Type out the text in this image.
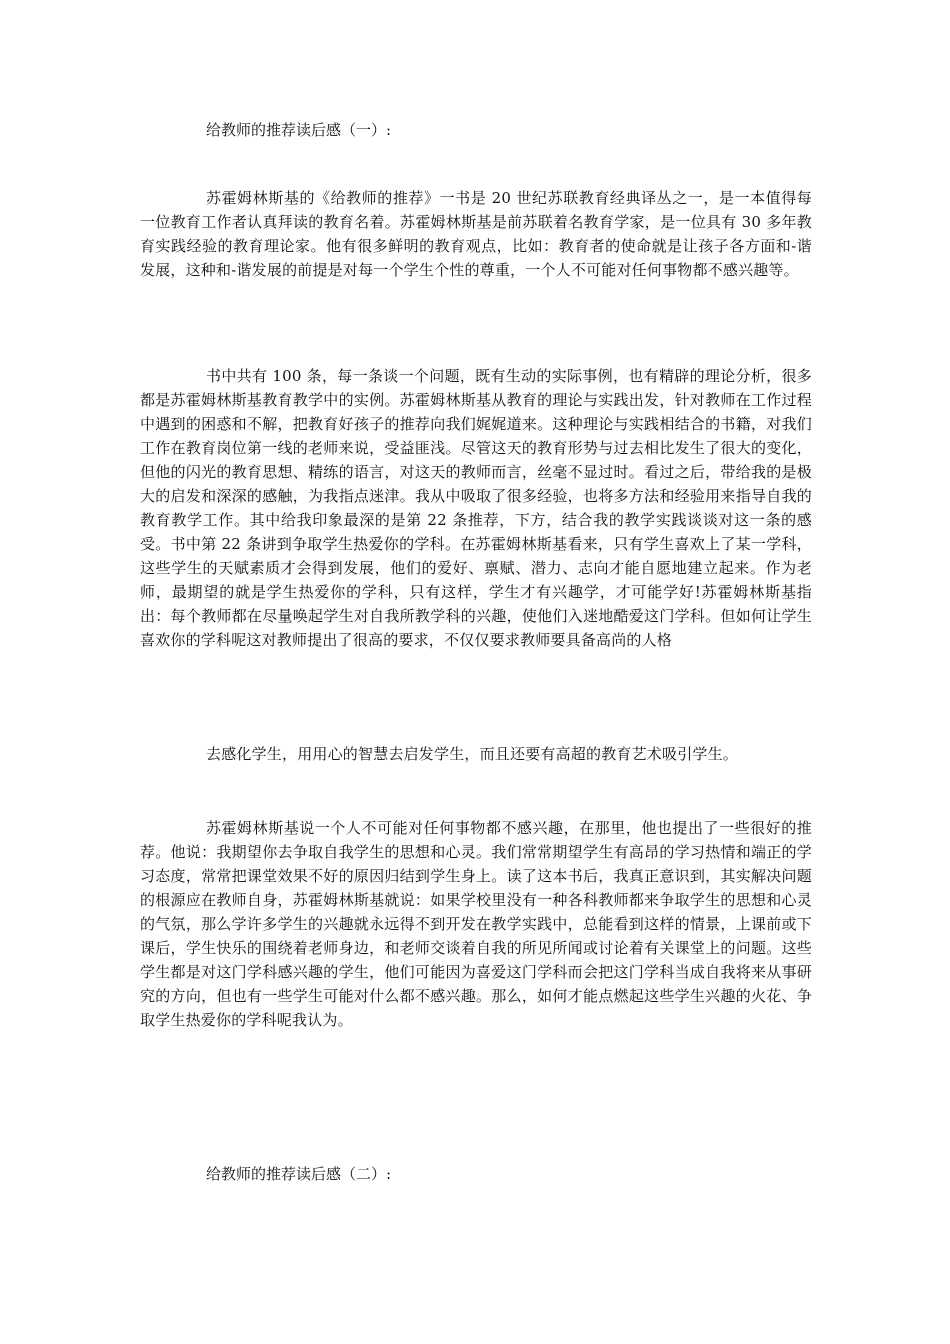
给教师的推荐读后感（一）:

苏霍姆林斯基的《给教师的推荐》一书是 20 世纪苏联教育经典译丛之一，是一本值得每一位教育工作者认真拜读的教育名着。苏霍姆林斯基是前苏联着名教育学家，是一位具有 30 多年教育实践经验的教育理论家。他有很多鲜明的教育观点，比如：教育者的使命就是让孩子各方面和-谐发展，这种和-谐发展的前提是对每一个学生个性的尊重，一个人不可能对任何事物都不感兴趣等。

书中共有 100 条，每一条谈一个问题，既有生动的实际事例，也有精辟的理论分析，很多都是苏霍姆林斯基教育教学中的实例。苏霍姆林斯基从教育的理论与实践出发，针对教师在工作过程中遇到的困惑和不解，把教育好孩子的推荐向我们娓娓道来。这种理论与实践相结合的书籍，对我们工作在教育岗位第一线的老师来说，受益匪浅。尽管这天的教育形势与过去相比发生了很大的变化，但他的闪光的教育思想、精练的语言，对这天的教师而言，丝毫不显过时。看过之后，带给我的是极大的启发和深深的感触，为我指点迷津。我从中吸取了很多经验，也将多方法和经验用来指导自我的教育教学工作。其中给我印象最深的是第 22 条推荐，下方，结合我的教学实践谈谈对这一条的感受。书中第 22 条讲到争取学生热爱你的学科。在苏霍姆林斯基看来，只有学生喜欢上了某一学科，这些学生的天赋素质才会得到发展，他们的爱好、禀赋、潜力、志向才能自愿地建立起来。作为老师，最期望的就是学生热爱你的学科，只有这样，学生才有兴趣学，才可能学好!苏霍姆林斯基指出：每个教师都在尽量唤起学生对自我所教学科的兴趣，使他们入迷地酷爱这门学科。但如何让学生喜欢你的学科呢这对教师提出了很高的要求，不仅仅要求教师要具备高尚的人格

去感化学生，用用心的智慧去启发学生，而且还要有高超的教育艺术吸引学生。

苏霍姆林斯基说一个人不可能对任何事物都不感兴趣，在那里，他也提出了一些很好的推荐。他说：我期望你去争取自我学生的思想和心灵。我们常常期望学生有高昂的学习热情和端正的学习态度，常常把课堂效果不好的原因归结到学生身上。读了这本书后，我真正意识到，其实解决问题的根源应在教师自身，苏霍姆林斯基就说：如果学校里没有一种各科教师都来争取学生的思想和心灵的气氛，那么学许多学生的兴趣就永远得不到开发在教学实践中，总能看到这样的情景，上课前或下课后，学生快乐的围绕着老师身边，和老师交谈着自我的所见所闻或讨论着有关课堂上的问题。这些学生都是对这门学科感兴趣的学生，他们可能因为喜爱这门学科而会把这门学科当成自我将来从事研究的方向，但也有一些学生可能对什么都不感兴趣。那么，如何才能点燃起这些学生兴趣的火花、争取学生热爱你的学科呢我认为。

给教师的推荐读后感（二）:
